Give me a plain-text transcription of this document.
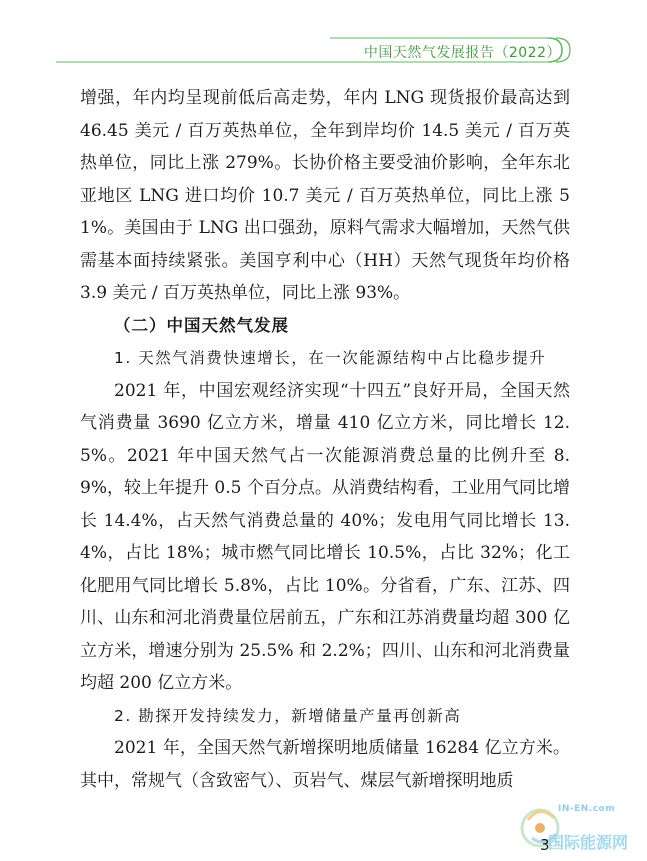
中国天然气发展报告（2022）

增强，年内均呈现前低后高走势，年内 LNG 现货报价最高达到 46.45 美元 / 百万英热单位，全年到岸均价 14.5 美元 / 百万英热单位，同比上涨 279%。长协价格主要受油价影响，全年东北亚地区 LNG 进口均价 10.7 美元 / 百万英热单位，同比上涨 51%。美国由于 LNG 出口强劲，原料气需求大幅增加，天然气供需基本面持续紧张。美国亨利中心（HH）天然气现货年均价格 3.9 美元 / 百万英热单位，同比上涨 93%。

（二）中国天然气发展

1. 天然气消费快速增长，在一次能源结构中占比稳步提升

2021 年，中国宏观经济实现“十四五”良好开局，全国天然气消费量 3690 亿立方米，增量 410 亿立方米，同比增长 12.5%。2021 年中国天然气占一次能源消费总量的比例升至 8.9%，较上年提升 0.5 个百分点。从消费结构看，工业用气同比增长 14.4%，占天然气消费总量的 40%；发电用气同比增长 13.4%，占比 18%；城市燃气同比增长 10.5%，占比 32%；化工化肥用气同比增长 5.8%，占比 10%。分省看，广东、江苏、四川、山东和河北消费量位居前五，广东和江苏消费量均超 300 亿立方米，增速分别为 25.5% 和 2.2%；四川、山东和河北消费量均超 200 亿立方米。

2. 勘探开发持续发力，新增储量产量再创新高

2021 年，全国天然气新增探明地质储量 16284 亿立方米。其中，常规气（含致密气）、页岩气、煤层气新增探明地质

IN-EN.com
国际能源网
3
